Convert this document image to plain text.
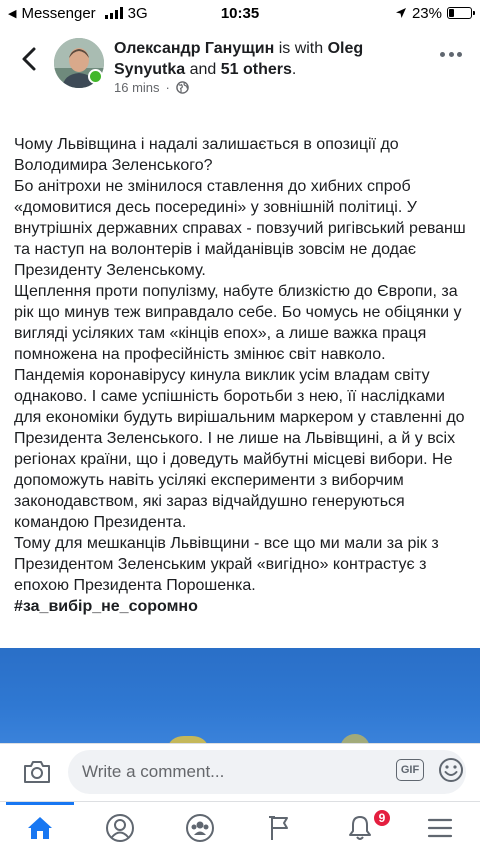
◀ Messenger 3G	10:35	23%
Олександр Ганущин is with Oleg Synyutka and 51 others.
16 mins ·

Чому Львівщина і надалі залишається в опозиції до Володимира Зеленського?

Бо анітрохи не змінилося ставлення до хибних спроб «домовитися десь посередині» у зовнішній політиці. У внутрішніх державних справах - повзучий ригівський реванш та наступ на волонтерів і майданівців зовсім не додає Президенту Зеленському.

Щеплення проти популізму, набуте близкістю до Європи, за рік що минув теж виправдало себе. Бо чомусь не обіцянки у вигляді усіляких там «кінців епох», а лише важка праця помножена на професійність змінює світ навколо.

Пандемія коронавірусу кинула виклик усім владам світу однаково. І саме успішність боротьби з нею, її наслідками для економіки будуть вирішальним маркером у ставленні до Президента Зеленського. І не лише на Львівщині, а й у всіх регіонах країни, що і доведуть майбутні місцеві вибори. Не допоможуть навіть усілякі експерименти з виборчим законодавством, які зараз відчайдушно генеруються командою Президента.

Тому для мешканців Львівщини - все що ми мали за рік з Президентом Зеленським украй «вигідно» контрастує з епохою Президента Порошенка.

#за_вибір_не_соромно

Write a comment...	GIF
9
